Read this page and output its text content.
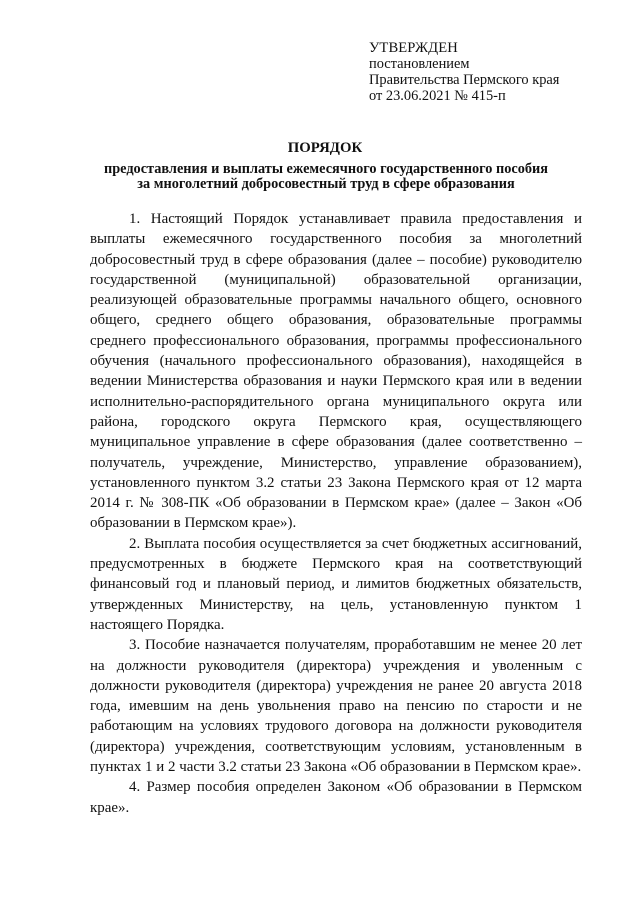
УТВЕРЖДЕН
постановлением
Правительства Пермского края
от 23.06.2021 № 415-п
ПОРЯДОК
предоставления и выплаты ежемесячного государственного пособия
за многолетний добросовестный труд в сфере образования

1. Настоящий Порядок устанавливает правила предоставления и выплаты ежемесячного государственного пособия за многолетний добросовестный труд в сфере образования (далее – пособие) руководителю государственной (муниципальной) образовательной организации, реализующей образовательные программы начального общего, основного общего, среднего общего образования, образовательные программы среднего профессионального образования, программы профессионального обучения (начального профессионального образования), находящейся в ведении Министерства образования и науки Пермского края или в ведении исполнительно-распорядительного органа муниципального округа или района, городского округа Пермского края, осуществляющего муниципальное управление в сфере образования (далее соответственно – получатель, учреждение, Министерство, управление образованием), установленного пунктом 3.2 статьи 23 Закона Пермского края от 12 марта 2014 г. № 308-ПК «Об образовании в Пермском крае» (далее – Закон «Об образовании в Пермском крае»).

2. Выплата пособия осуществляется за счет бюджетных ассигнований, предусмотренных в бюджете Пермского края на соответствующий финансовый год и плановый период, и лимитов бюджетных обязательств, утвержденных Министерству, на цель, установленную пунктом 1 настоящего Порядка.

3. Пособие назначается получателям, проработавшим не менее 20 лет на должности руководителя (директора) учреждения и уволенным с должности руководителя (директора) учреждения не ранее 20 августа 2018 года, имевшим на день увольнения право на пенсию по старости и не работающим на условиях трудового договора на должности руководителя (директора) учреждения, соответствующим условиям, установленным в пунктах 1 и 2 части 3.2 статьи 23 Закона «Об образовании в Пермском крае».

4. Размер пособия определен Законом «Об образовании в Пермском крае».
